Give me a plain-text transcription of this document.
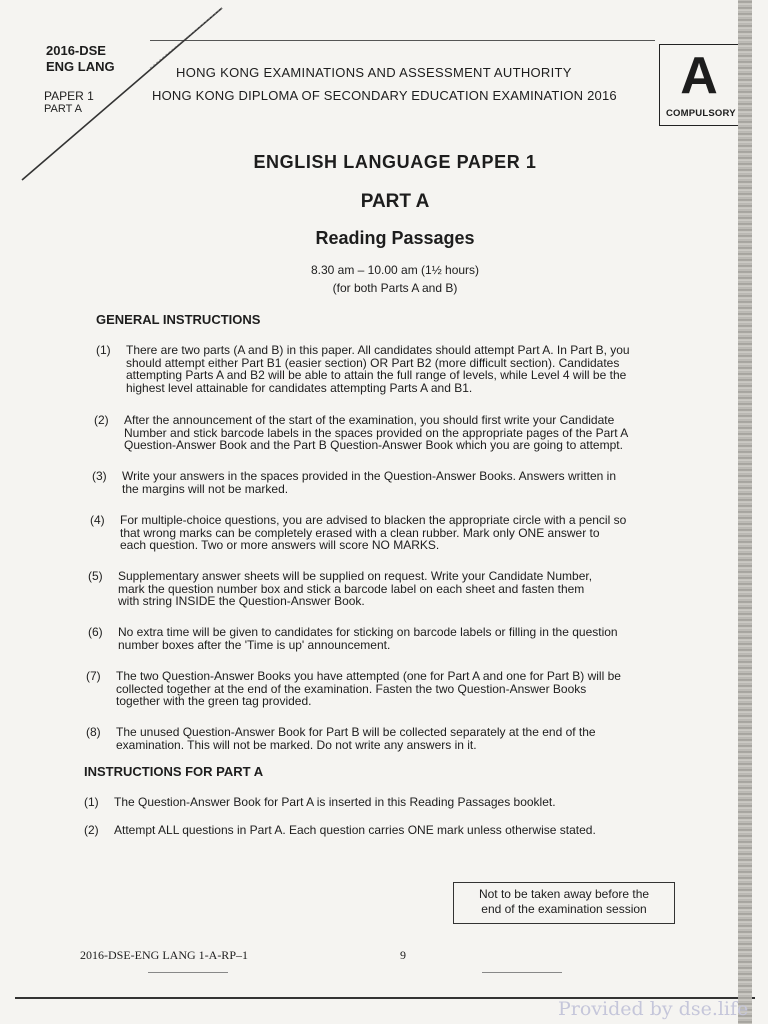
2016-DSE
ENG LANG
PAPER 1
PART A
HONG KONG EXAMINATIONS AND ASSESSMENT AUTHORITY
HONG KONG DIPLOMA OF SECONDARY EDUCATION EXAMINATION 2016	A
COMPULSORY
ENGLISH LANGUAGE PAPER 1
PART A
Reading Passages
8.30 am – 10.00 am (1½ hours)
(for both Parts A and B)
GENERAL INSTRUCTIONS
(1) There are two parts (A and B) in this paper. All candidates should attempt Part A. In Part B, you
should attempt either Part B1 (easier section) OR Part B2 (more difficult section). Candidates
attempting Parts A and B2 will be able to attain the full range of levels, while Level 4 will be the
highest level attainable for candidates attempting Parts A and B1.
(2) After the announcement of the start of the examination, you should first write your Candidate
Number and stick barcode labels in the spaces provided on the appropriate pages of the Part A
Question-Answer Book and the Part B Question-Answer Book which you are going to attempt.
(3) Write your answers in the spaces provided in the Question-Answer Books. Answers written in
the margins will not be marked.
(4) For multiple-choice questions, you are advised to blacken the appropriate circle with a pencil so
that wrong marks can be completely erased with a clean rubber. Mark only ONE answer to
each question. Two or more answers will score NO MARKS.
(5) Supplementary answer sheets will be supplied on request. Write your Candidate Number,
mark the question number box and stick a barcode label on each sheet and fasten them
with string INSIDE the Question-Answer Book.
(6) No extra time will be given to candidates for sticking on barcode labels or filling in the question
number boxes after the 'Time is up' announcement.
(7) The two Question-Answer Books you have attempted (one for Part A and one for Part B) will be
collected together at the end of the examination. Fasten the two Question-Answer Books
together with the green tag provided.
(8) The unused Question-Answer Book for Part B will be collected separately at the end of the
examination. This will not be marked. Do not write any answers in it.
INSTRUCTIONS FOR PART A
(1) The Question-Answer Book for Part A is inserted in this Reading Passages booklet.
(2) Attempt ALL questions in Part A. Each question carries ONE mark unless otherwise stated.
Not to be taken away before the
end of the examination session
2016-DSE-ENG LANG 1-A-RP–1	9
Provided by dse.life
